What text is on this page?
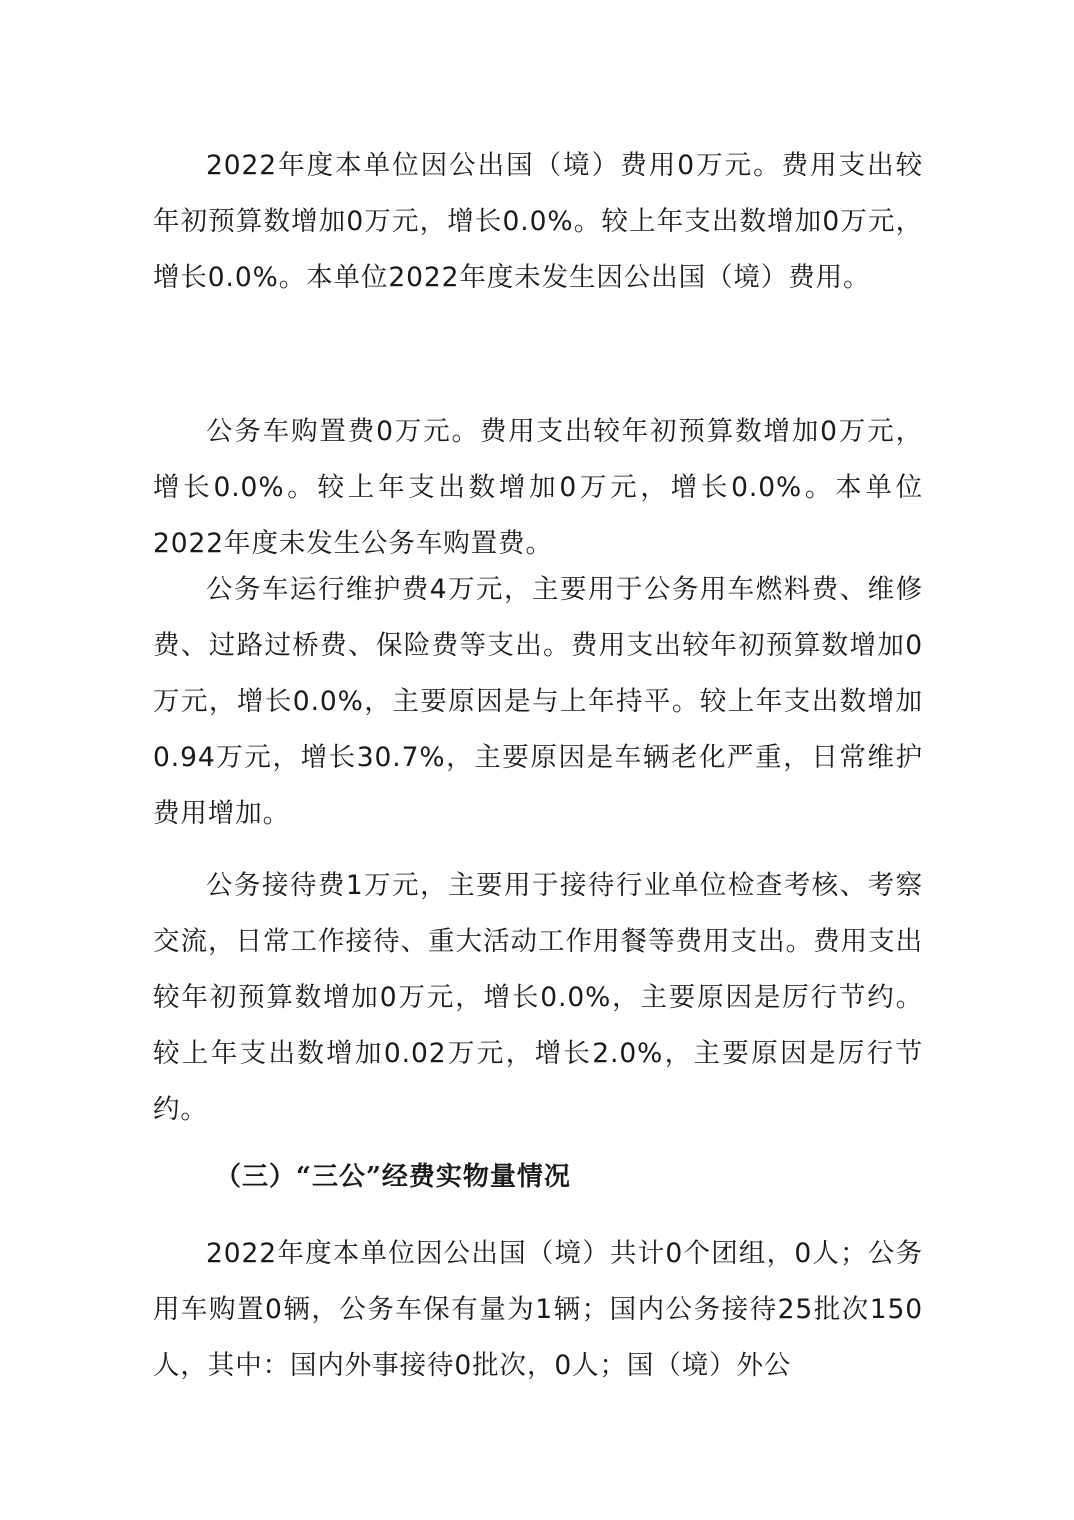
2022年度本单位因公出国（境）费用0万元。费用支出较年初预算数增加0万元，增长0.0%。较上年支出数增加0万元，增长0.0%。本单位2022年度未发生因公出国（境）费用。

公务车购置费0万元。费用支出较年初预算数增加0万元，增长0.0%。较上年支出数增加0万元，增长0.0%。本单位2022年度未发生公务车购置费。

公务车运行维护费4万元，主要用于公务用车燃料费、维修费、过路过桥费、保险费等支出。费用支出较年初预算数增加0万元，增长0.0%，主要原因是与上年持平。较上年支出数增加0.94万元，增长30.7%，主要原因是车辆老化严重，日常维护费用增加。

公务接待费1万元，主要用于接待行业单位检查考核、考察交流，日常工作接待、重大活动工作用餐等费用支出。费用支出较年初预算数增加0万元，增长0.0%，主要原因是厉行节约。较上年支出数增加0.02万元，增长2.0%，主要原因是厉行节约。

（三）“三公”经费实物量情况

2022年度本单位因公出国（境）共计0个团组，0人；公务用车购置0辆，公务车保有量为1辆；国内公务接待25批次150人，其中：国内外事接待0批次，0人；国（境）外公
